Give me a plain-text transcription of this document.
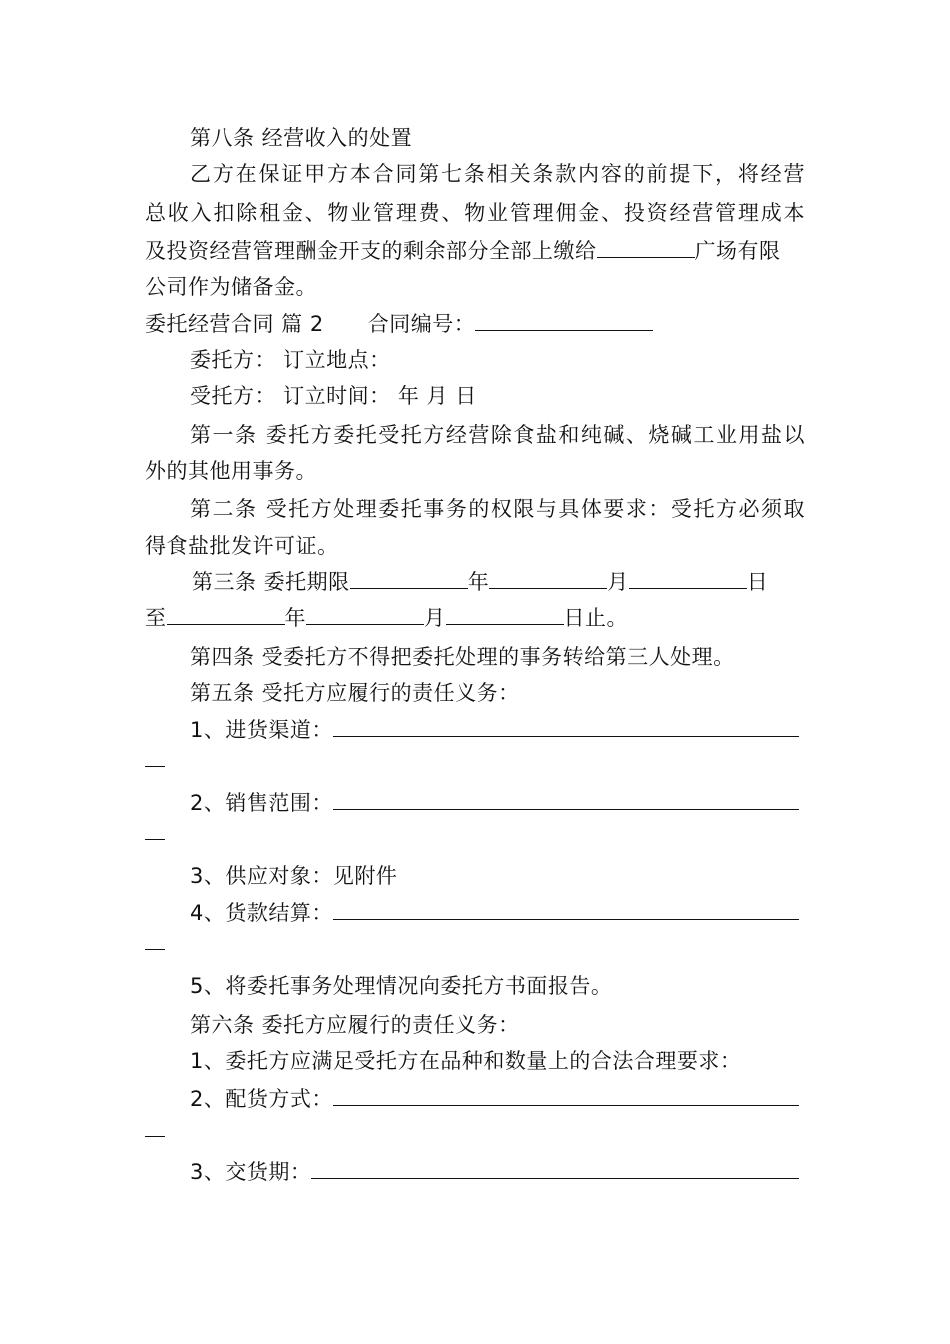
第八条 经营收入的处置
乙方在保证甲方本合同第七条相关条款内容的前提下，将经营
总收入扣除租金、物业管理费、物业管理佣金、投资经营管理成本
及投资经营管理酬金开支的剩余部分全部上缴给	广场有限
公司作为储备金。
委托经营合同 篇 2 合同编号：
委托方： 订立地点：
受托方： 订立时间： 年 月 日
第一条 委托方委托受托方经营除食盐和纯碱、烧碱工业用盐以
外的其他用事务。
第二条 受托方处理委托事务的权限与具体要求：受托方必须取
得食盐批发许可证。
第三条 委托期限	年	月	日
至	年	月	日止。
第四条 受委托方不得把委托处理的事务转给第三人处理。
第五条 受托方应履行的责任义务：
1、进货渠道：
2、销售范围：
3、供应对象：见附件
4、货款结算：
5、将委托事务处理情况向委托方书面报告。
第六条 委托方应履行的责任义务：
1、委托方应满足受托方在品种和数量上的合法合理要求：
2、配货方式：
3、交货期：
